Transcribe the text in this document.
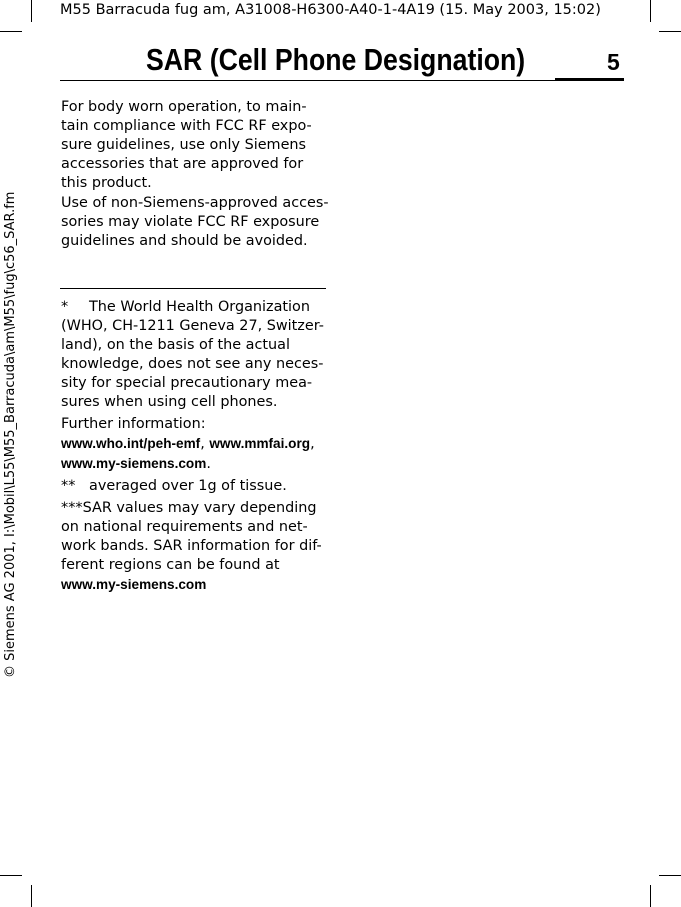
M55 Barracuda fug am, A31008-H6300-A40-1-4A19 (15. May 2003, 15:02)
SAR (Cell Phone Designation)	5
© Siemens AG 2001, I:\Mobil\L55\M55_Barracuda\am\M55\fug\c56_SAR.fm

For body worn operation, to main-tain compliance with FCC RF expo-sure guidelines, use only Siemens accessories that are approved for this product.

Use of non-Siemens-approved acces-sories may violate FCC RF exposure guidelines and should be avoided.

* The World Health Organization (WHO, CH-1211 Geneva 27, Switzer-land), on the basis of the actual knowledge, does not see any neces-sity for special precautionary mea-sures when using cell phones.

Further information:
www.who.int/peh-emf, www.mmfai.org,
www.my-siemens.com.

** averaged over 1g of tissue.

***SAR values may vary depending on national requirements and net-work bands. SAR information for dif-ferent regions can be found at
www.my-siemens.com
